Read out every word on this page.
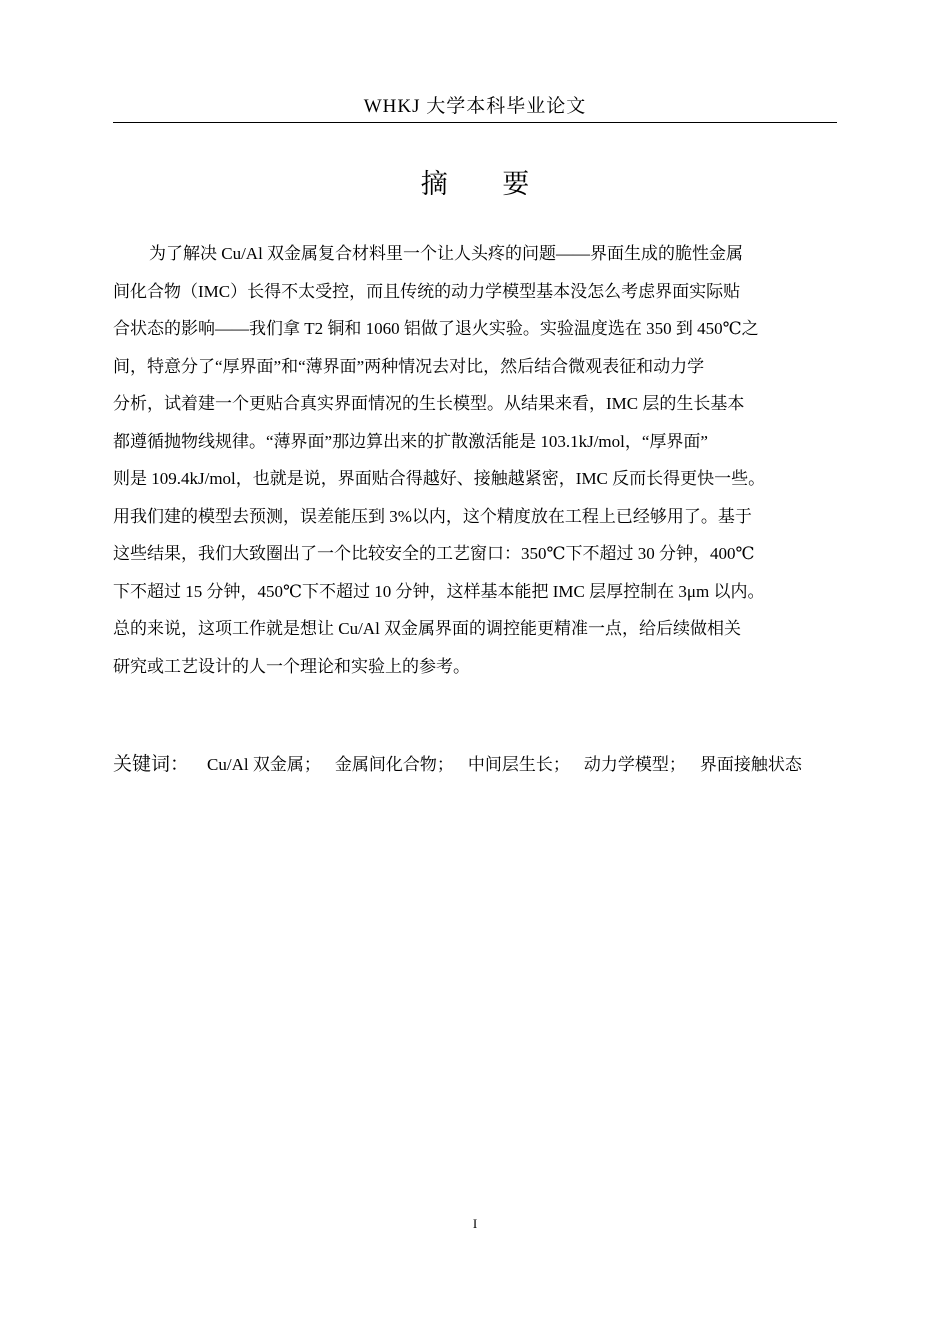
WHKJ 大学本科毕业论文
摘 要

为了解决 Cu/Al 双金属复合材料里一个让人头疼的问题——界面生成的脆性金属
间化合物（IMC）长得不太受控，而且传统的动力学模型基本没怎么考虑界面实际贴
合状态的影响——我们拿 T2 铜和 1060 铝做了退火实验。实验温度选在 350 到 450℃之
间，特意分了“厚界面”和“薄界面”两种情况去对比，然后结合微观表征和动力学
分析，试着建一个更贴合真实界面情况的生长模型。从结果来看，IMC 层的生长基本
都遵循抛物线规律。“薄界面”那边算出来的扩散激活能是 103.1kJ/mol，“厚界面”
则是 109.4kJ/mol，也就是说，界面贴合得越好、接触越紧密，IMC 反而长得更快一些。
用我们建的模型去预测，误差能压到 3%以内，这个精度放在工程上已经够用了。基于
这些结果，我们大致圈出了一个比较安全的工艺窗口：350℃下不超过 30 分钟，400℃
下不超过 15 分钟，450℃下不超过 10 分钟，这样基本能把 IMC 层厚控制在 3μm 以内。
总的来说，这项工作就是想让 Cu/Al 双金属界面的调控能更精准一点，给后续做相关
研究或工艺设计的人一个理论和实验上的参考。

关键词： Cu/Al 双金属； 金属间化合物； 中间层生长； 动力学模型； 界面接触状态
I
